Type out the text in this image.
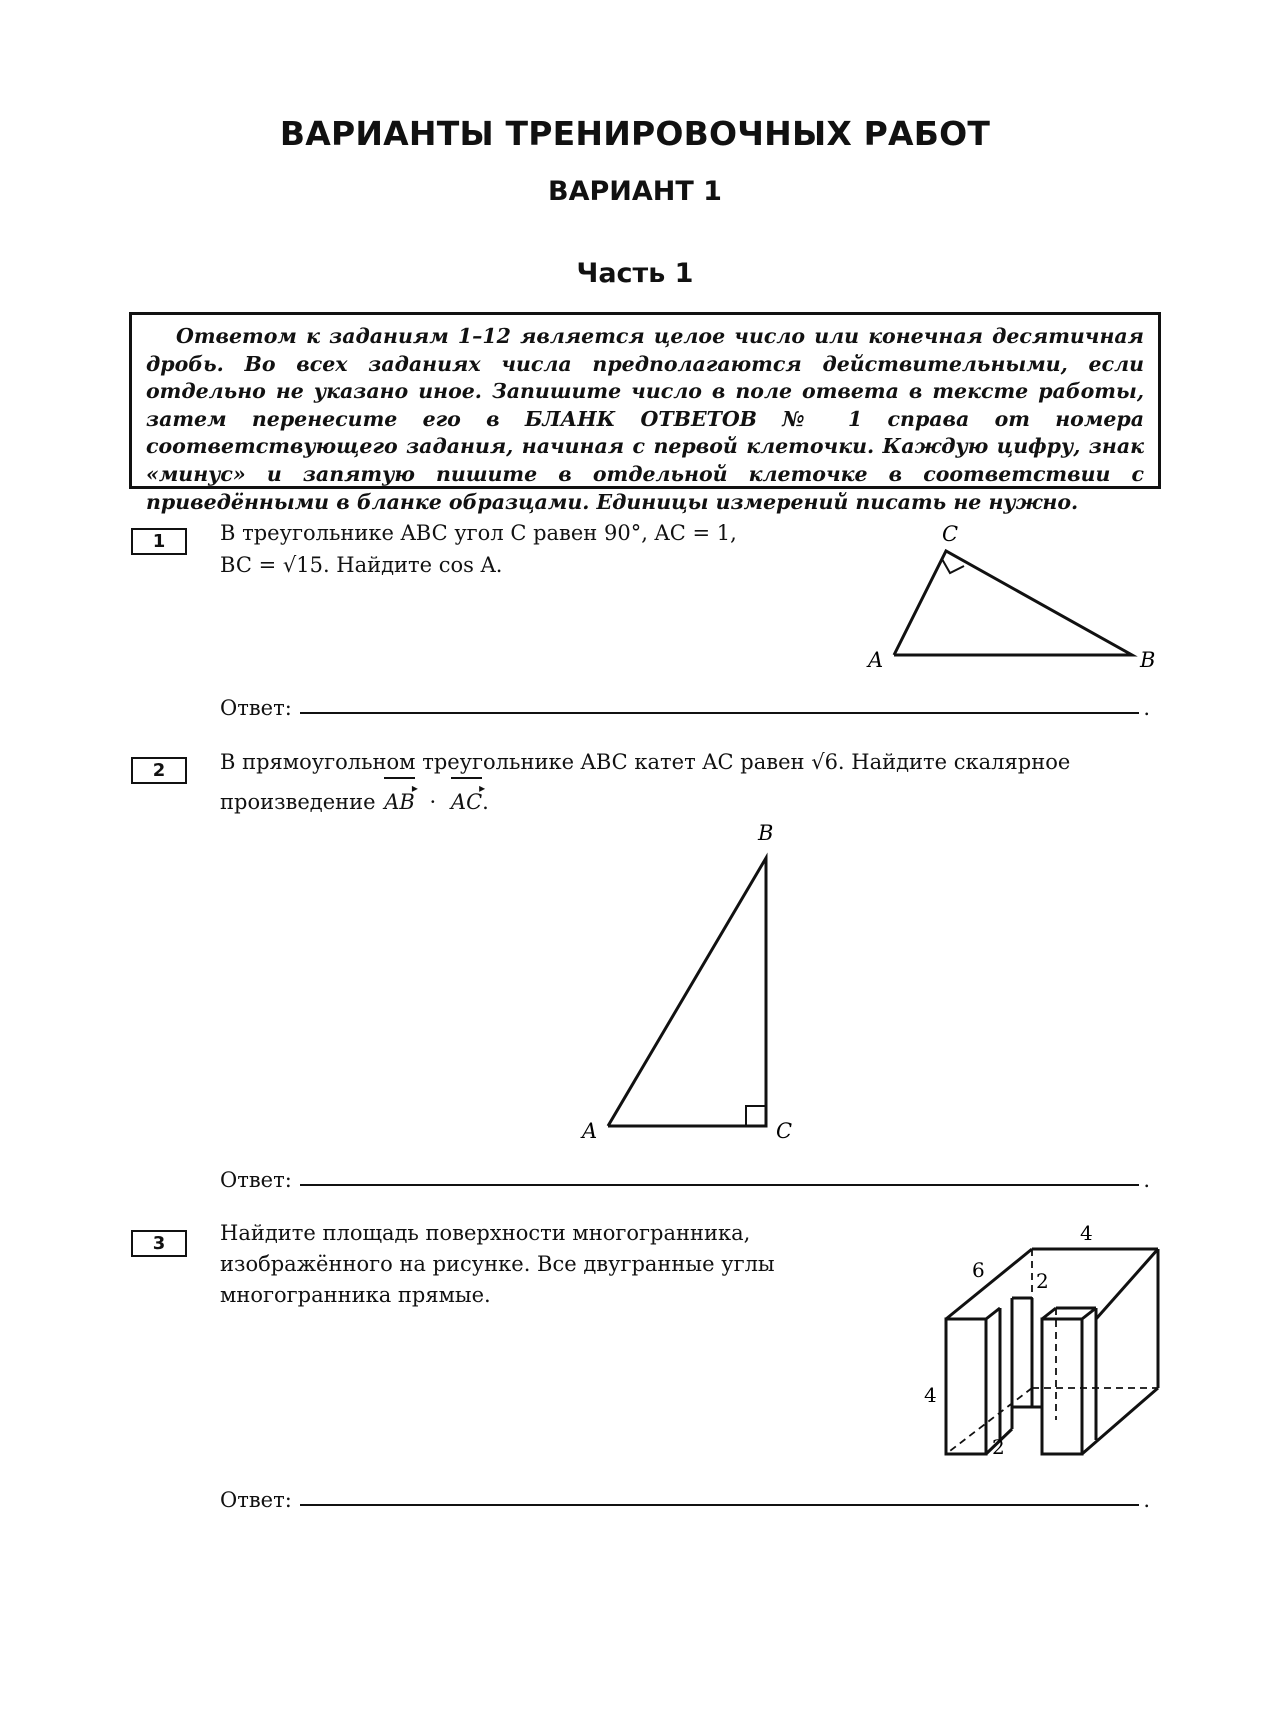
ВАРИАНТЫ ТРЕНИРОВОЧНЫХ РАБОТ
ВАРИАНТ 1
Часть 1
Ответом к заданиям 1–12 является целое число или конечная десятичная дробь. Во всех заданиях числа предполагаются действительными, если отдельно не указано иное. Запишите число в поле ответа в тексте работы, затем перенесите его в БЛАНК ОТВЕТОВ № 1 справа от номера соответствующего задания, начиная с первой клеточки. Каждую цифру, знак «минус» и запятую пишите в отдельной клеточке в соответствии с приведёнными в бланке образцами. Единицы измерений писать не нужно.
1	В треугольнике ABC угол C равен 90°, AC = 1,
BC = √15. Найдите cos A.
A	B
C
Ответ:	.
2	В прямоугольном треугольнике ABC катет AC равен √6. Найдите скалярное
произведение
▸
AB ·
▸
AC.
A
B
C
Ответ:	.
3	Найдите площадь поверхности многогранника,
изображённого на рисунке. Все двугранные углы
многогранника прямые.
4
6	2
4
2
Ответ:	.
